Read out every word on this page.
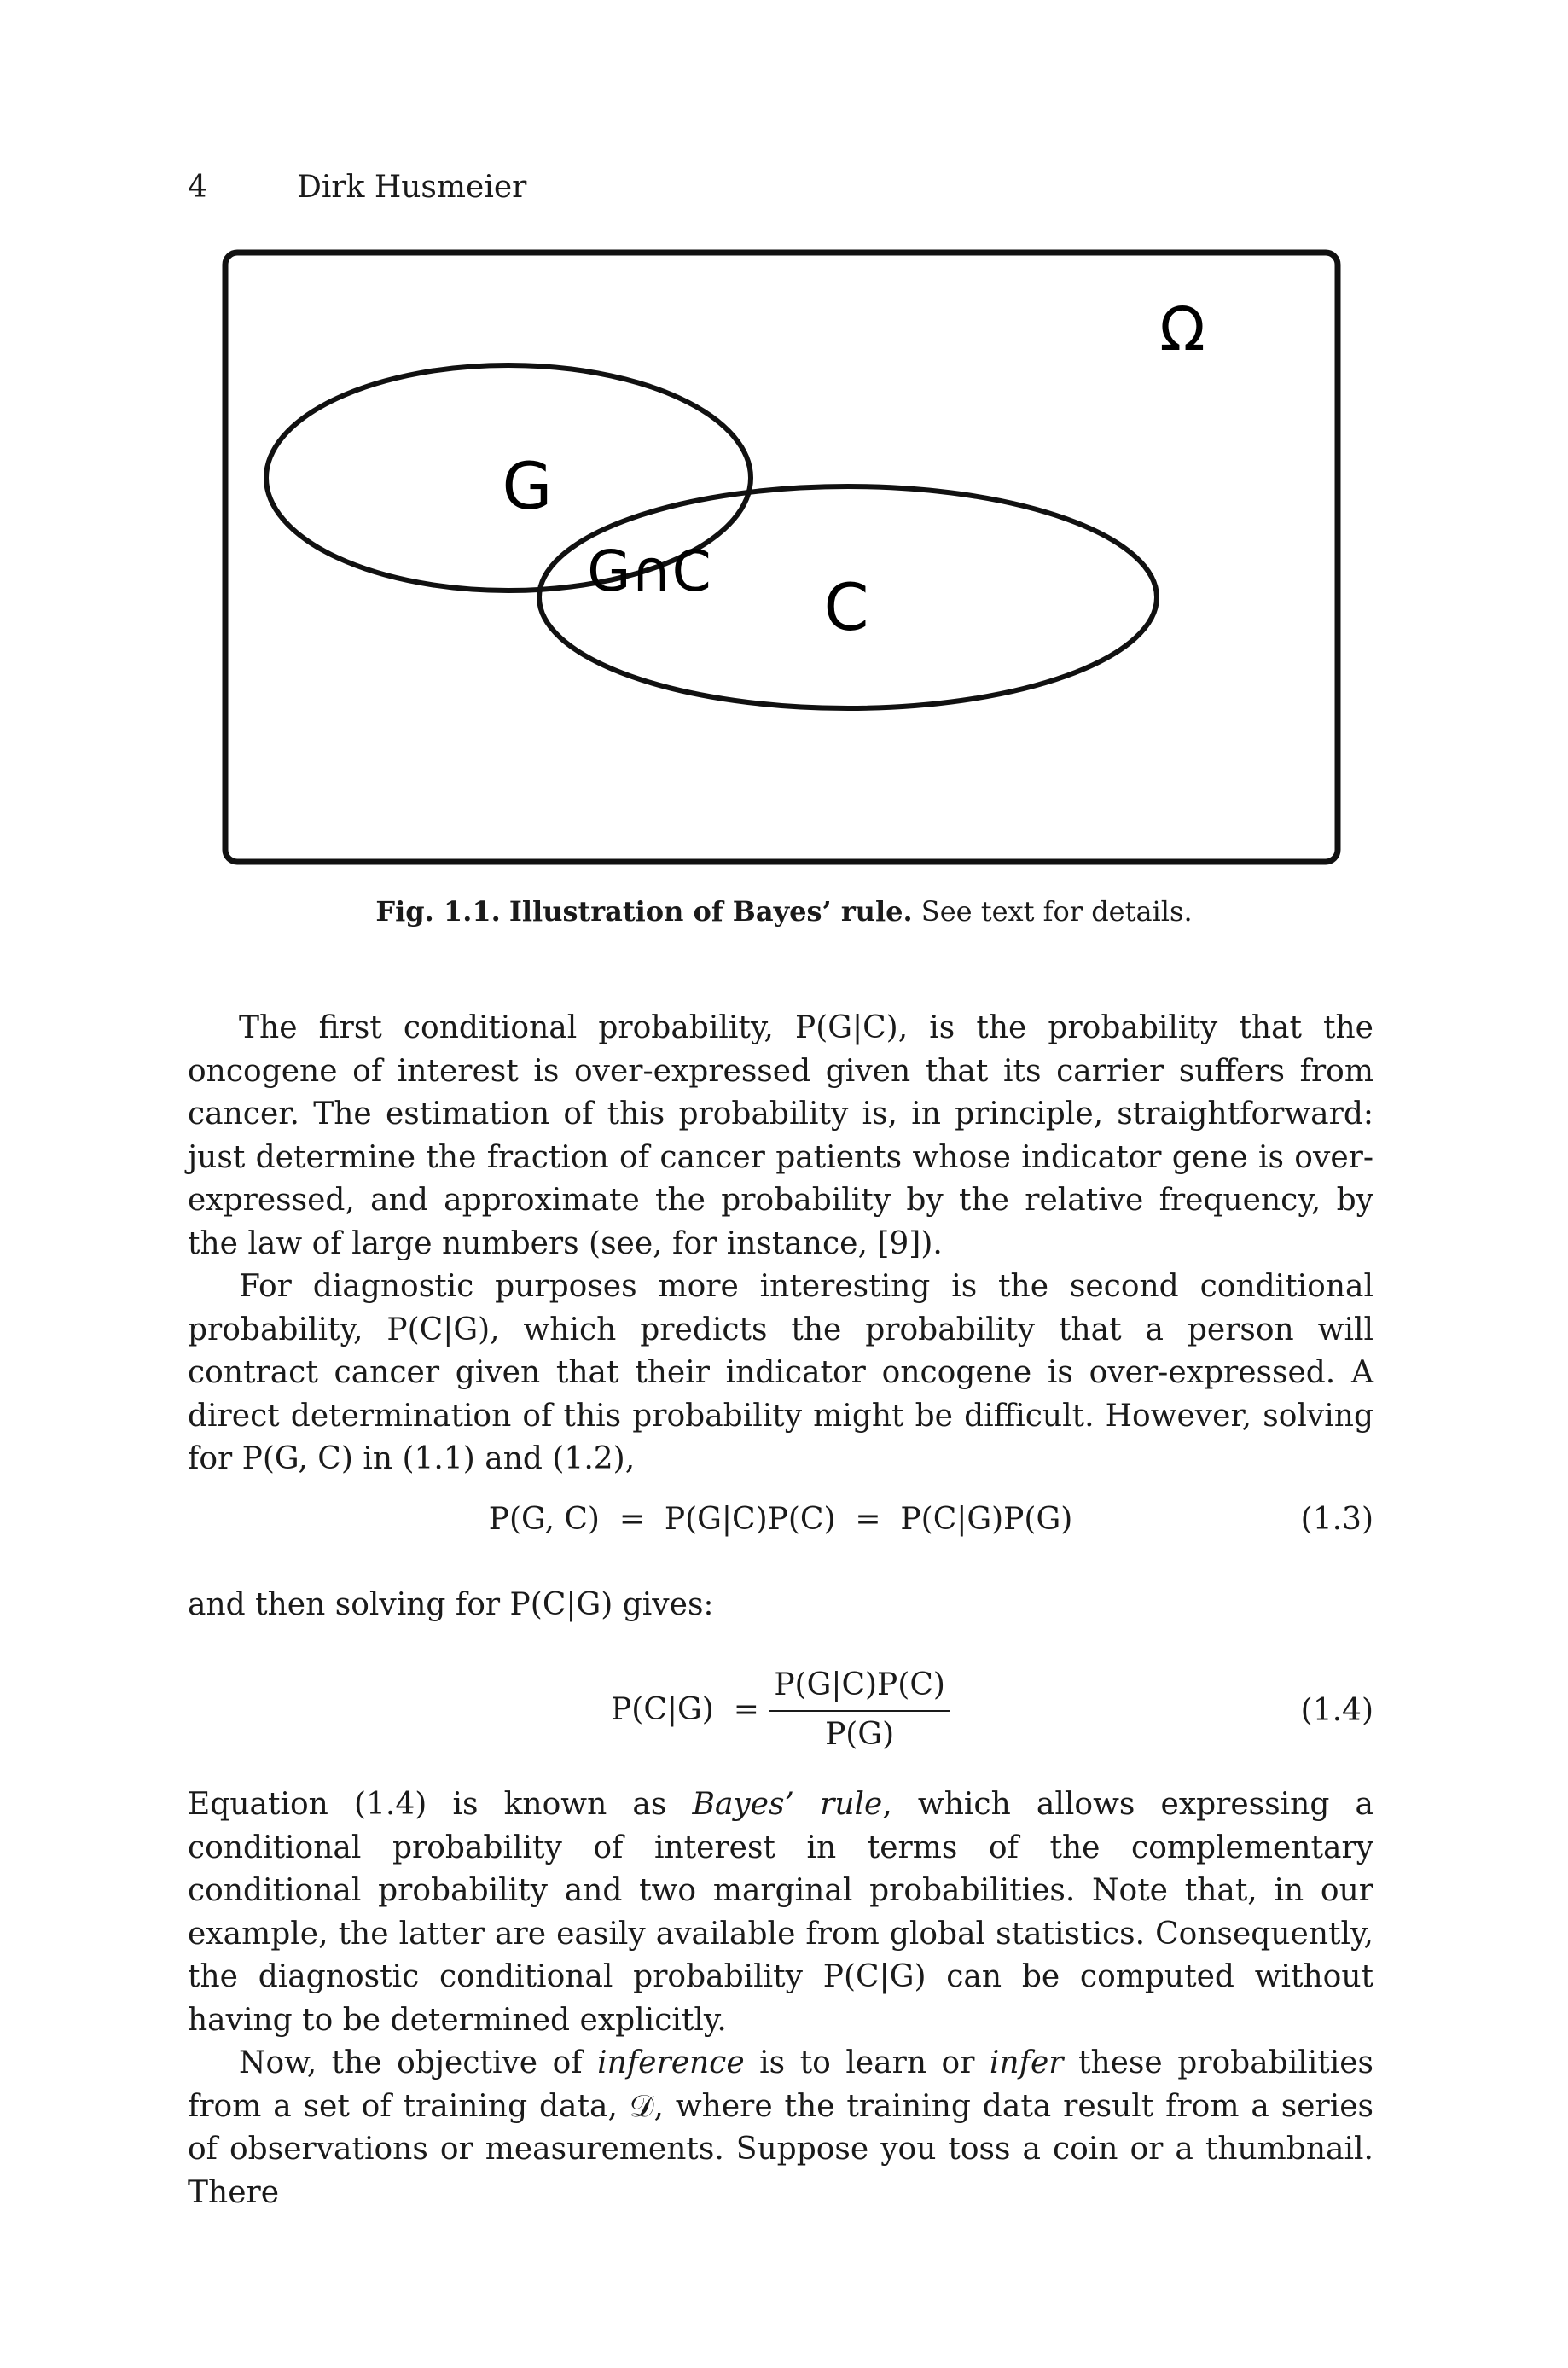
4	Dirk Husmeier
Ω
G
C
G∩C
Fig. 1.1. Illustration of Bayes’ rule. See text for details.

The first conditional probability, P(G|C), is the probability that the oncogene of interest is over-expressed given that its carrier suffers from cancer. The estimation of this probability is, in principle, straightforward: just determine the fraction of cancer patients whose indicator gene is over-expressed, and approximate the probability by the relative frequency, by the law of large numbers (see, for instance, [9]).

For diagnostic purposes more interesting is the second conditional probability, P(C|G), which predicts the probability that a person will contract cancer given that their indicator oncogene is over-expressed. A direct determination of this probability might be difficult. However, solving for P(G, C) in (1.1) and (1.2),

P(G, C)  =  P(G|C)P(C)  =  P(C|G)P(G)	(1.3)

and then solving for P(C|G) gives:

$P(C|G) = \frac{P(G|C)P(C)}{P(G)}$	(1.4)

Equation (1.4) is known as Bayes’ rule, which allows expressing a conditional probability of interest in terms of the complementary conditional probability and two marginal probabilities. Note that, in our example, the latter are easily available from global statistics. Consequently, the diagnostic conditional probability P(C|G) can be computed without having to be determined explicitly.

Now, the objective of inference is to learn or infer these probabilities from a set of training data, 𝒟, where the training data result from a series of observations or measurements. Suppose you toss a coin or a thumbnail. There
